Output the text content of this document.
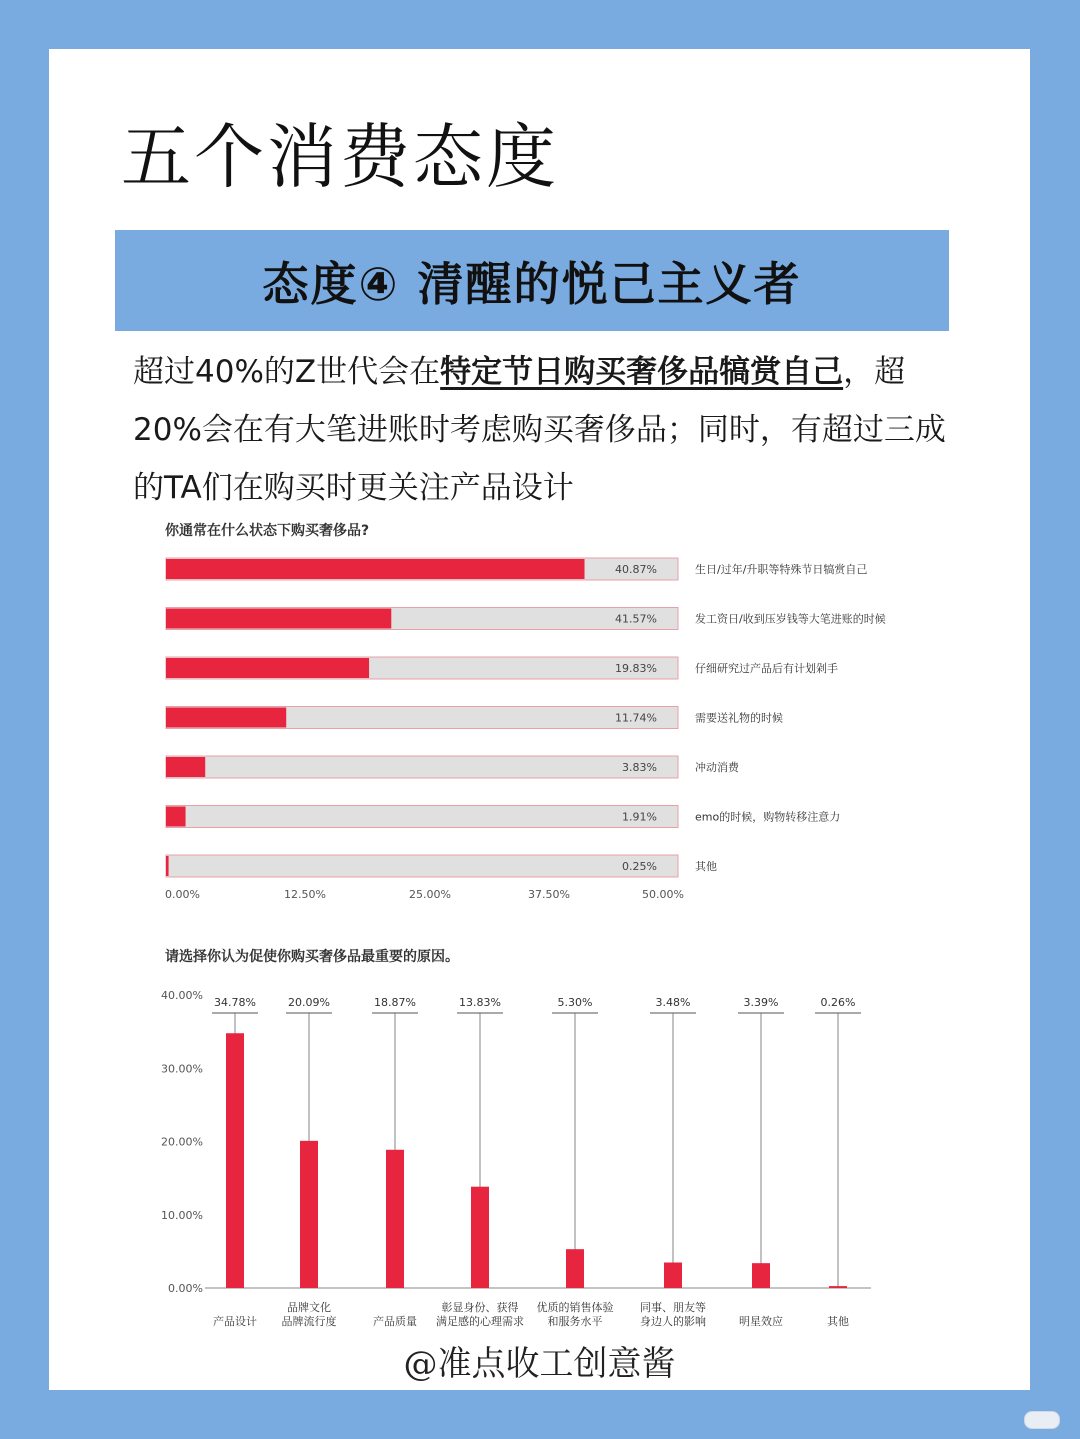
五个消费态度
态度④ 清醒的悦己主义者

超过40%的Z世代会在特定节日购买奢侈品犒赏自己，超20%会在有大笔进账时考虑购买奢侈品；同时，有超过三成的TA们在购买时更关注产品设计

你通常在什么状态下购买奢侈品?
40.87%	生日/过年/升职等特殊节日犒赏自己
41.57%	发工资日/收到压岁钱等大笔进账的时候
19.83%	仔细研究过产品后有计划剁手
11.74%	需要送礼物的时候
3.83%	冲动消费
1.91%	emo的时候，购物转移注意力
0.25%	其他
0.00%	12.50%	25.00%	37.50%	50.00%
请选择你认为促使你购买奢侈品最重要的原因。
0.00%
10.00%
20.00%
30.00%
40.00%
34.78%
产品设计
20.09%
品牌文化
品牌流行度
18.87%
产品质量
13.83%
彰显身份、获得
满足感的心理需求
5.30%
优质的销售体验
和服务水平
3.48%
同事、朋友等
身边人的影响
3.39%
明星效应
0.26%
其他
@准点收工创意酱
